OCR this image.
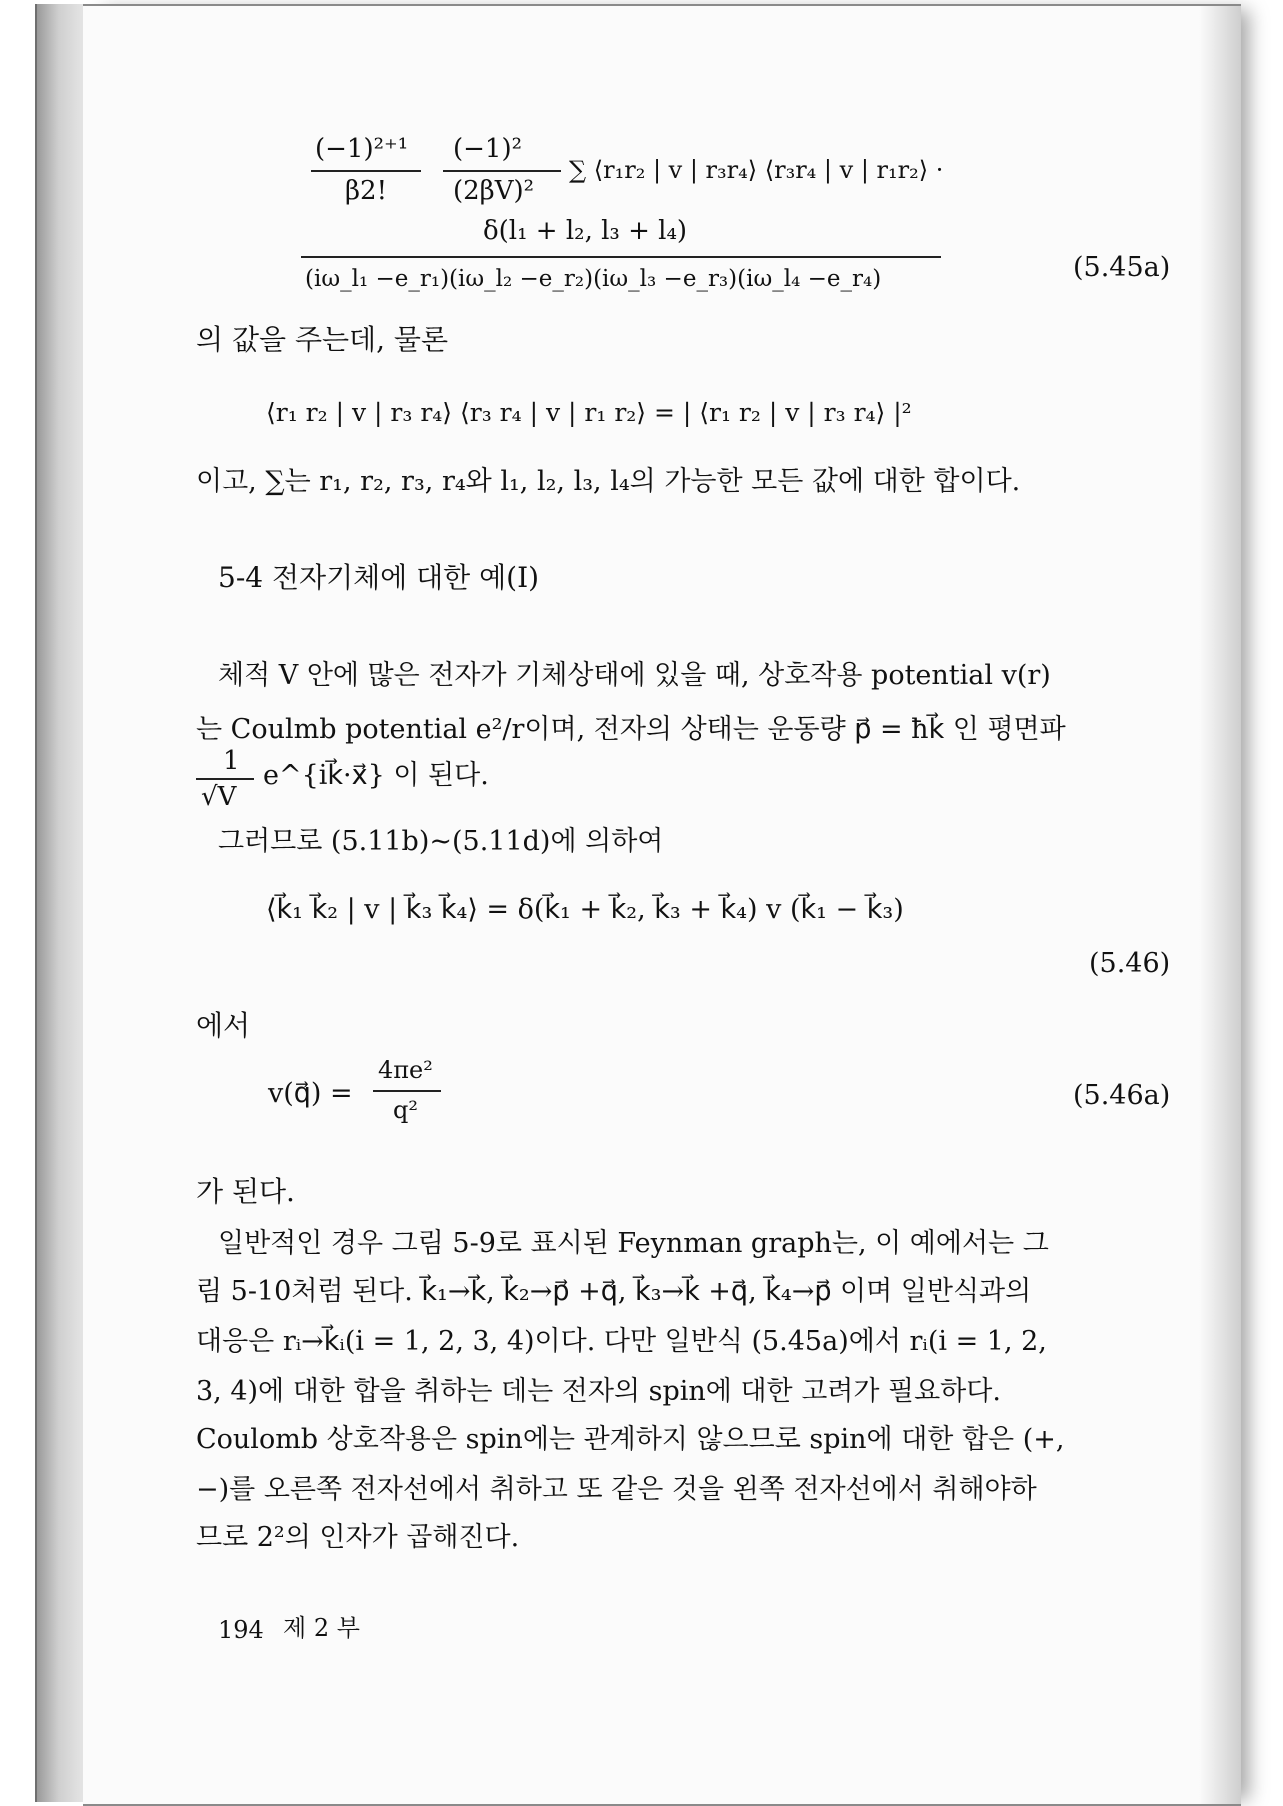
(−1)²⁺¹
β2!
(−1)²
(2βV)²
∑ ⟨r₁r₂ | v | r₃r₄⟩ ⟨r₃r₄ | v | r₁r₂⟩ ·
δ(l₁ + l₂, l₃ + l₄)
(iω_l₁ −e_r₁)(iω_l₂ −e_r₂)(iω_l₃ −e_r₃)(iω_l₄ −e_r₄)	(5.45a)
의 값을 주는데, 물론
⟨r₁ r₂ | v | r₃ r₄⟩ ⟨r₃ r₄ | v | r₁ r₂⟩ = | ⟨r₁ r₂ | v | r₃ r₄⟩ |²
이고, ∑는 r₁, r₂, r₃, r₄와 l₁, l₂, l₃, l₄의 가능한 모든 값에 대한 합이다.
5-4 전자기체에 대한 예(I)
체적 V 안에 많은 전자가 기체상태에 있을 때, 상호작용 potential v(r)
는 Coulmb potential e²/r이며, 전자의 상태는 운동량 p⃗ = ħk⃗ 인 평면파
1
√V
e^{ik⃗·x⃗} 이 된다.
그러므로 (5.11b)~(5.11d)에 의하여
⟨k⃗₁ k⃗₂ | v | k⃗₃ k⃗₄⟩ = δ(k⃗₁ + k⃗₂, k⃗₃ + k⃗₄) v (k⃗₁ − k⃗₃)
(5.46)
에서
v(q⃗) =
4πe²
q²	(5.46a)
가 된다.
일반적인 경우 그림 5-9로 표시된 Feynman graph는, 이 예에서는 그
림 5-10처럼 된다. k⃗₁→k⃗, k⃗₂→p⃗ +q⃗, k⃗₃→k⃗ +q⃗, k⃗₄→p⃗ 이며 일반식과의
대응은 rᵢ→k⃗ᵢ(i = 1, 2, 3, 4)이다. 다만 일반식 (5.45a)에서 rᵢ(i = 1, 2,
3, 4)에 대한 합을 취하는 데는 전자의 spin에 대한 고려가 필요하다.
Coulomb 상호작용은 spin에는 관계하지 않으므로 spin에 대한 합은 (+,
−)를 오른쪽 전자선에서 취하고 또 같은 것을 왼쪽 전자선에서 취해야하
므로 2²의 인자가 곱해진다.
194 제 2 부
